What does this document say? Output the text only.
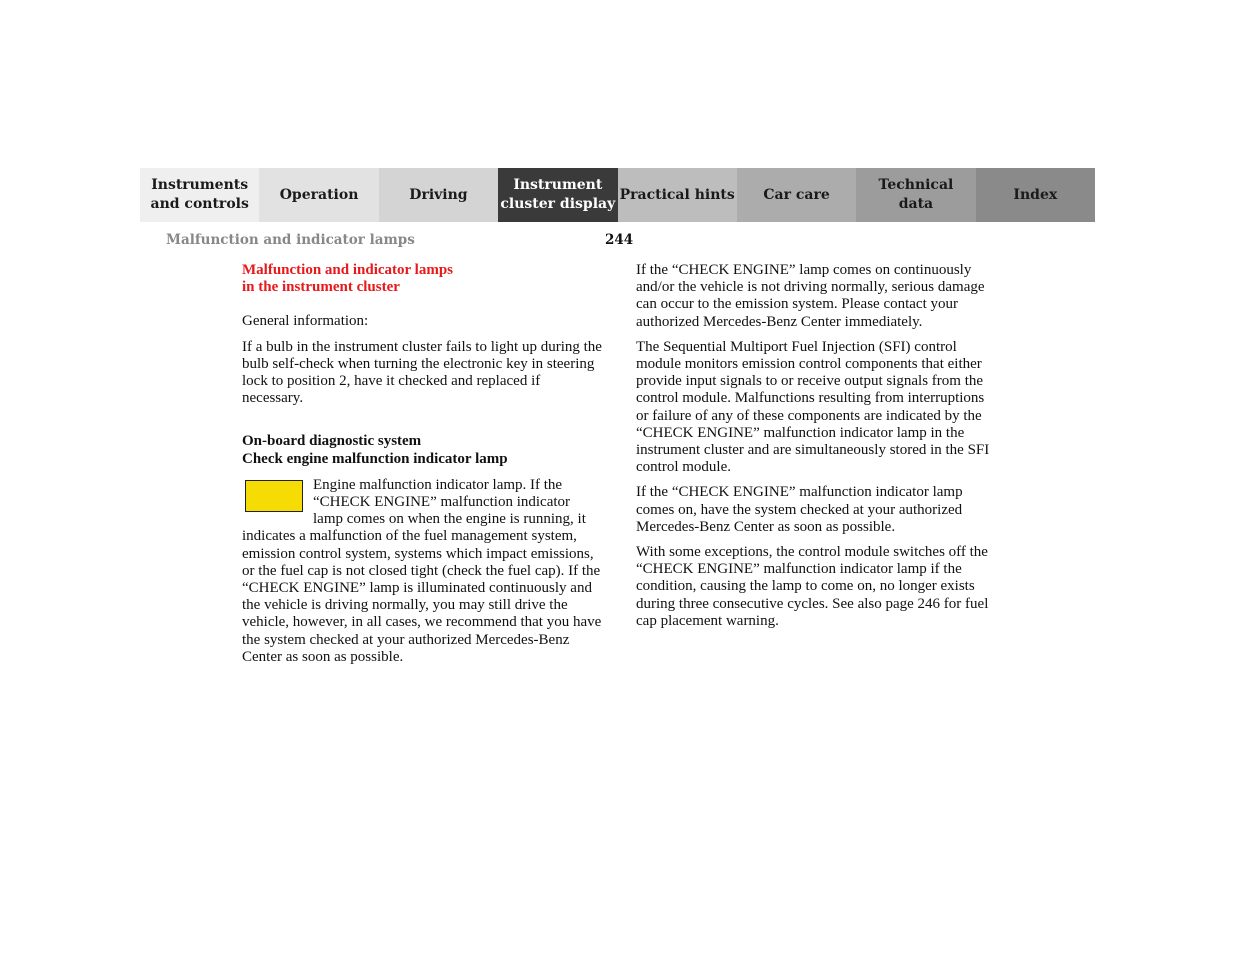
Instruments
and controls
Operation	Driving
Instrument
cluster display
Practical hints	Car care
Technical
data
Index
Malfunction and indicator lamps	244

Malfunction and indicator lamps
in the instrument cluster

General information:

If a bulb in the instrument cluster fails to light up during the bulb self-check when turning the electronic key in steering lock to position 2, have it checked and replaced if necessary.

On-board diagnostic system
Check engine malfunction indicator lamp

Engine malfunction indicator lamp. If the “CHECK ENGINE” malfunction indicator lamp comes on when the engine is running, it indicates a malfunction of the fuel management system, emission control system, systems which impact emissions, or the fuel cap is not closed tight (check the fuel cap). If the “CHECK ENGINE” lamp is illuminated continuously and the vehicle is driving normally, you may still drive the vehicle, however, in all cases, we recommend that you have the system checked at your authorized Mercedes-Benz Center as soon as possible.

If the “CHECK ENGINE” lamp comes on continuously and/or the vehicle is not driving normally, serious damage can occur to the emission system. Please contact your authorized Mercedes-Benz Center immediately.

The Sequential Multiport Fuel Injection (SFI) control module monitors emission control components that either provide input signals to or receive output signals from the control module. Malfunctions resulting from interruptions or failure of any of these components are indicated by the “CHECK ENGINE” malfunction indicator lamp in the instrument cluster and are simultaneously stored in the SFI control module.

If the “CHECK ENGINE” malfunction indicator lamp comes on, have the system checked at your authorized Mercedes-Benz Center as soon as possible.

With some exceptions, the control module switches off the “CHECK ENGINE” malfunction indicator lamp if the condition, causing the lamp to come on, no longer exists during three consecutive cycles. See also page 246 for fuel cap placement warning.
